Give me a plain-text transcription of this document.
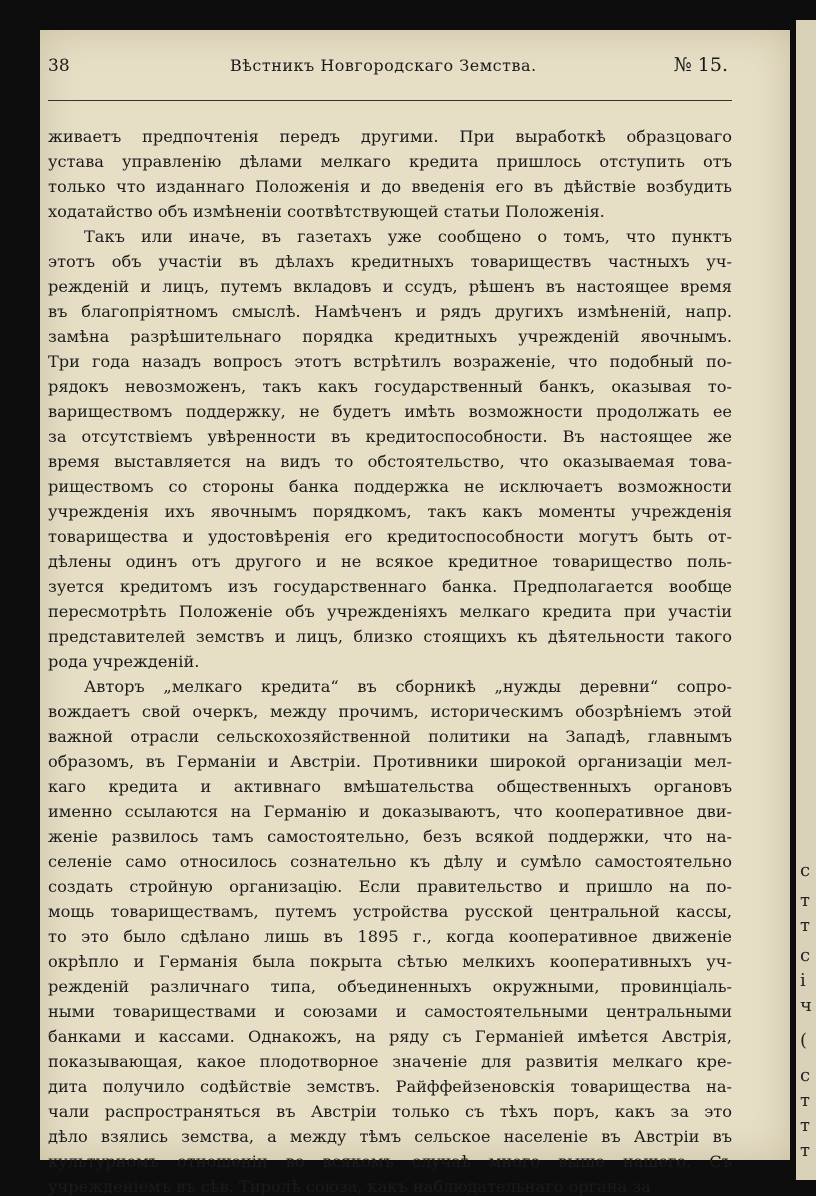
с
т
т
с
і
ч
(
с
т
т
т
38	Вѣстникъ Новгородскаго Земства.	№ 15.
живаетъ предпочтенія передъ другими. При выработкѣ образцоваго
устава управленію дѣлами мелкаго кредита пришлось отступить отъ
только что изданнаго Положенія и до введенія его въ дѣйствіе возбудить
ходатайство объ измѣненіи соотвѣтствующей статьи Положенія.
Такъ или иначе, въ газетахъ уже сообщено о томъ, что пунктъ
этотъ объ участіи въ дѣлахъ кредитныхъ товариществъ частныхъ уч-
режденій и лицъ, путемъ вкладовъ и ссудъ, рѣшенъ въ настоящее время
въ благопріятномъ смыслѣ. Намѣченъ и рядъ другихъ измѣненій, напр.
замѣна разрѣшительнаго порядка кредитныхъ учрежденій явочнымъ.
Три года назадъ вопросъ этотъ встрѣтилъ возраженіе, что подобный по-
рядокъ невозможенъ, такъ какъ государственный банкъ, оказывая то-
вариществомъ поддержку, не будетъ имѣть возможности продолжать ее
за отсутствіемъ увѣренности въ кредитоспособности. Въ настоящее же
время выставляется на видъ то обстоятельство, что оказываемая това-
риществомъ со стороны банка поддержка не исключаетъ возможности
учрежденія ихъ явочнымъ порядкомъ, такъ какъ моменты учрежденія
товарищества и удостовѣренія его кредитоспособности могутъ быть от-
дѣлены одинъ отъ другого и не всякое кредитное товарищество поль-
зуется кредитомъ изъ государственнаго банка. Предполагается вообще
пересмотрѣть Положеніе объ учрежденіяхъ мелкаго кредита при участіи
представителей земствъ и лицъ, близко стоящихъ къ дѣятельности такого
рода учрежденій.
Авторъ „мелкаго кредита“ въ сборникѣ „нужды деревни“ сопро-
вождаетъ свой очеркъ, между прочимъ, историческимъ обозрѣніемъ этой
важной отрасли сельскохозяйственной политики на Западѣ, главнымъ
образомъ, въ Германіи и Австріи. Противники широкой организаціи мел-
каго кредита и активнаго вмѣшательства общественныхъ органовъ
именно ссылаются на Германію и доказываютъ, что кооперативное дви-
женіе развилось тамъ самостоятельно, безъ всякой поддержки, что на-
селеніе само относилось сознательно къ дѣлу и сумѣло самостоятельно
создать стройную организацію. Если правительство и пришло на по-
мощь товариществамъ, путемъ устройства русской центральной кассы,
то это было сдѣлано лишь въ 1895 г., когда кооперативное движеніе
окрѣпло и Германія была покрыта сѣтью мелкихъ кооперативныхъ уч-
режденій различнаго типа, объединенныхъ окружными, провинціаль-
ными товариществами и союзами и самостоятельными центральными
банками и кассами. Однакожъ, на ряду съ Германіей имѣется Австрія,
показывающая, какое плодотворное значеніе для развитія мелкаго кре-
дита получило содѣйствіе земствъ. Райффейзеновскія товарищества на-
чали распространяться въ Австріи только съ тѣхъ поръ, какъ за это
дѣло взялись земства, а между тѣмъ сельское населеніе въ Австріи въ
культурномъ отношеніи во всякомъ случаѣ много выше нашего. Съ
учрежденіемъ въ сѣв. Тиролѣ союза, какъ наблюдательнаго органа за
